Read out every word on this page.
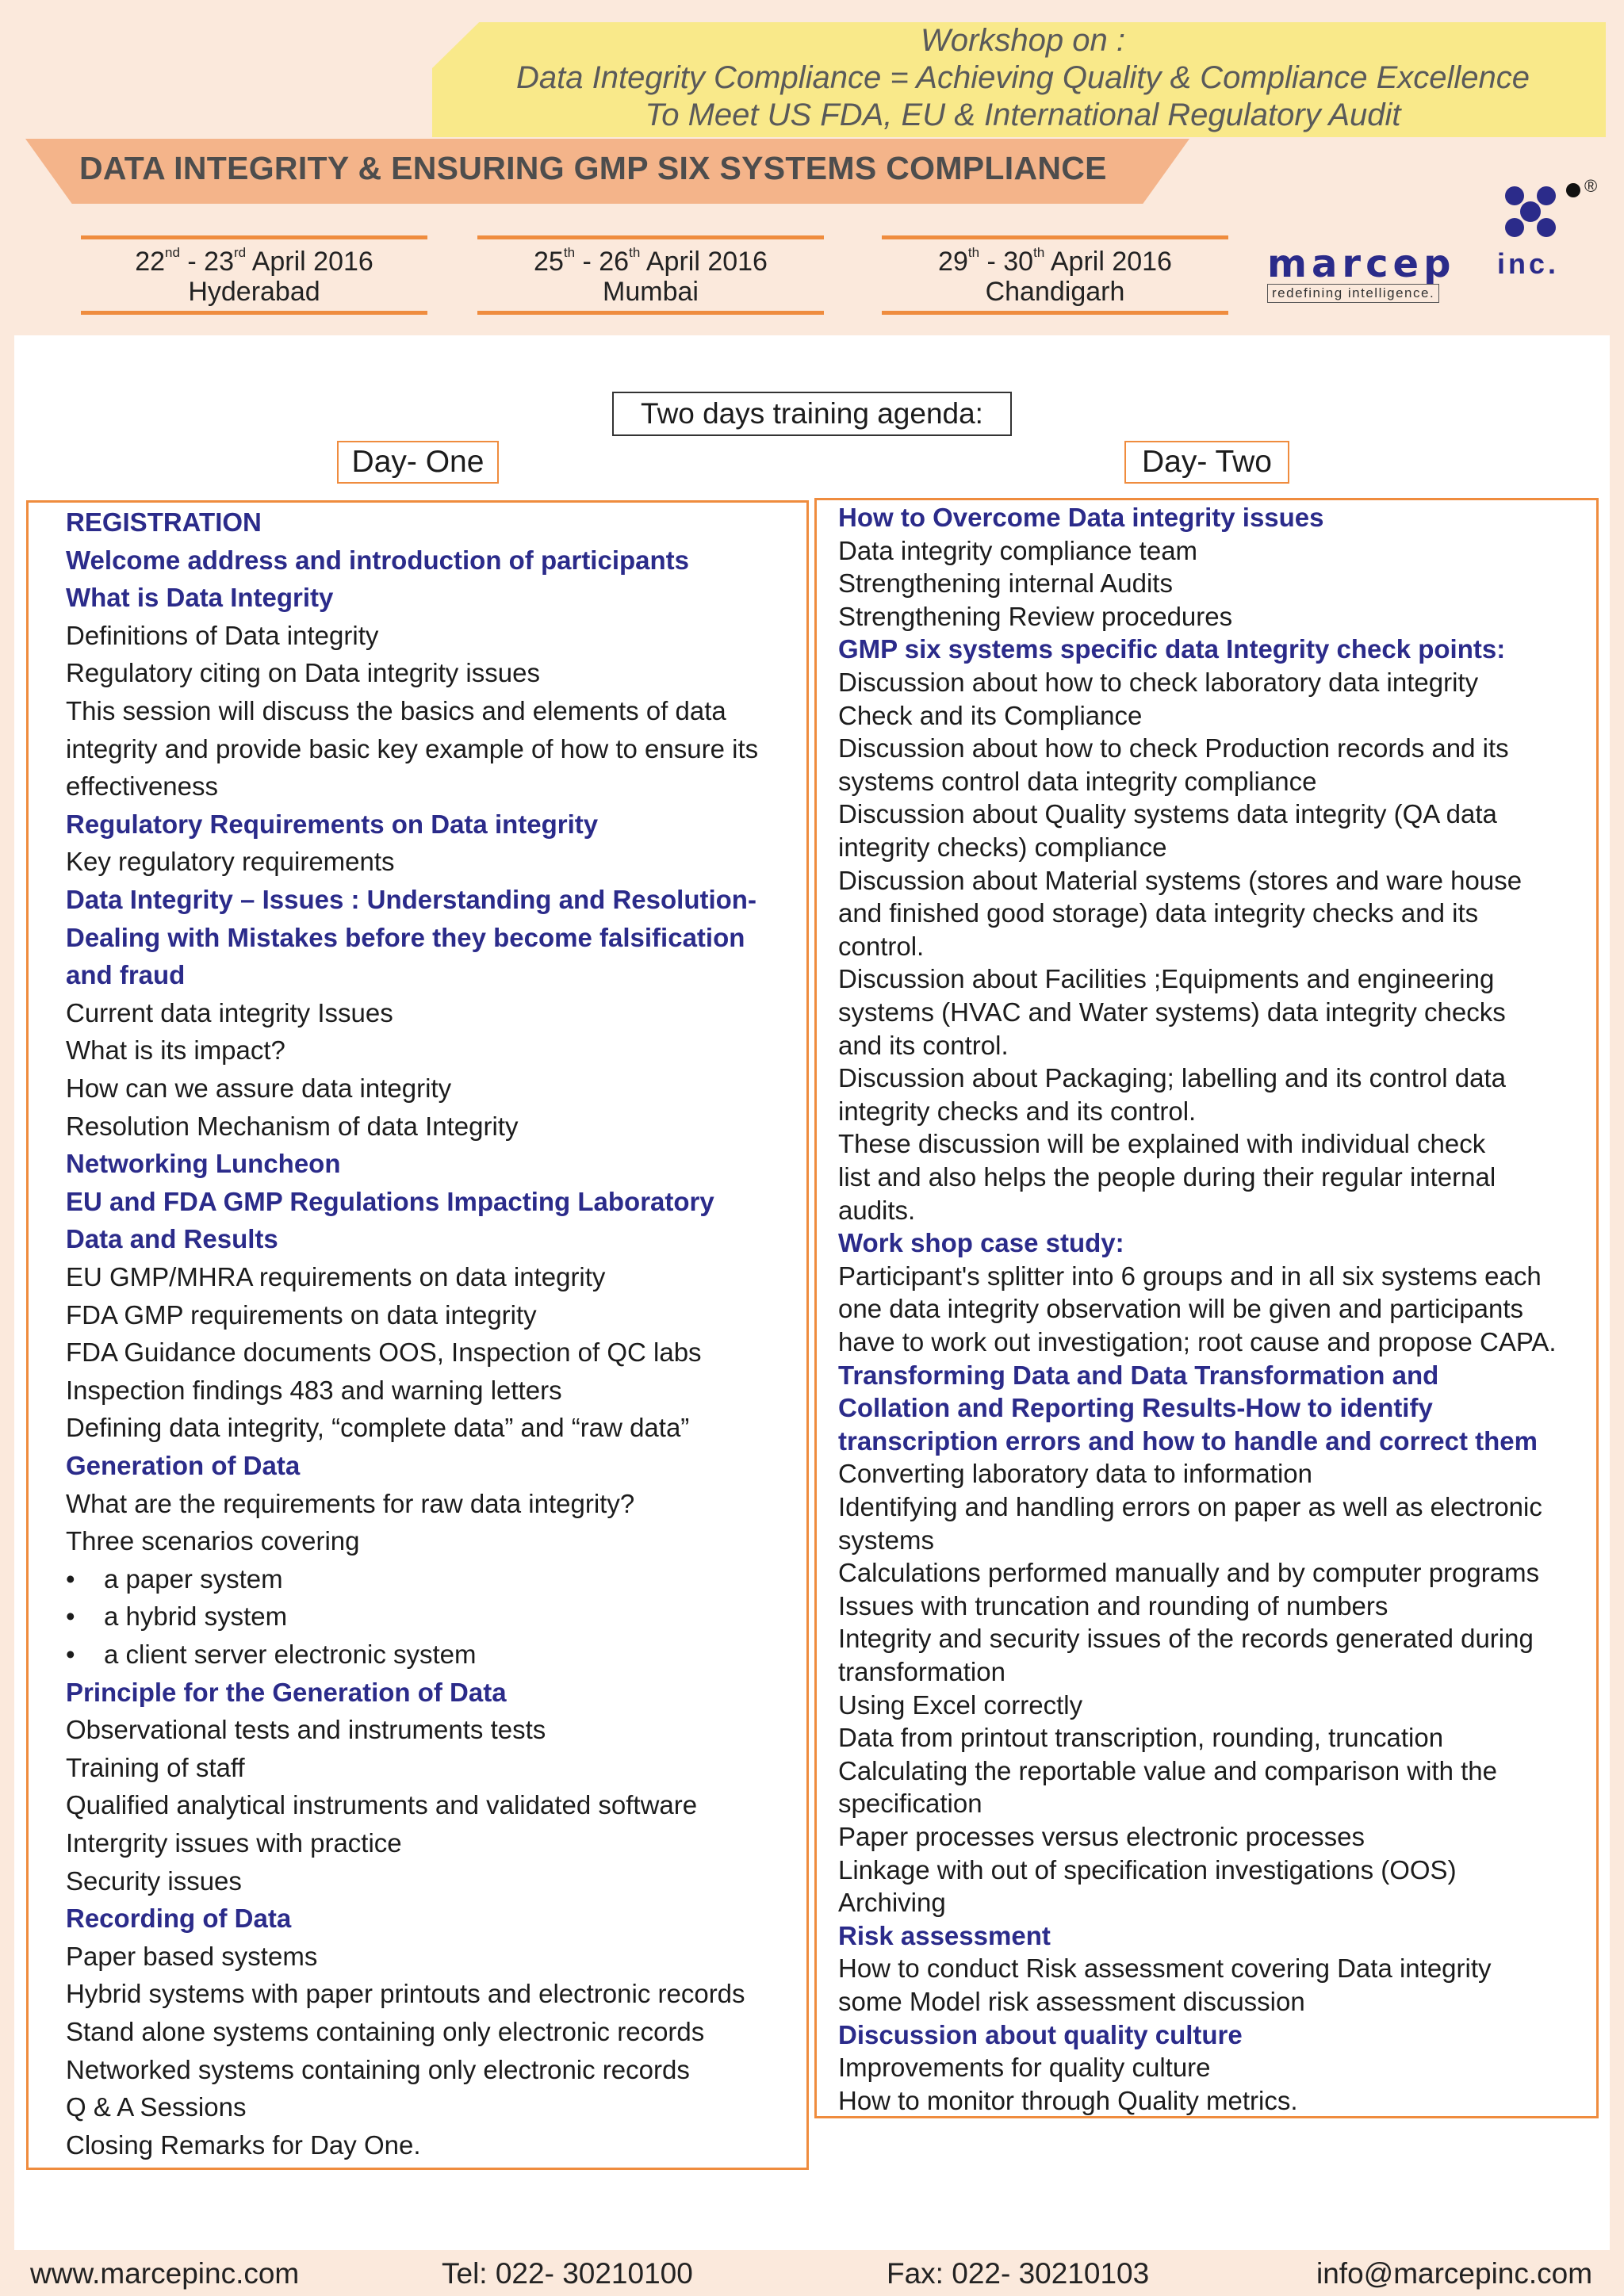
Workshop on :
Data Integrity Compliance = Achieving Quality & Compliance Excellence
To Meet US FDA, EU & International Regulatory Audit
DATA INTEGRITY & ENSURING GMP SIX SYSTEMS COMPLIANCE
22nd - 23rd April 2016
Hyderabad
25th - 26th April 2016
Mumbai
29th - 30th April 2016
Chandigarh
®
marcep inc.
redefining intelligence.
Two days training agenda:
Day- One	Day- Two
REGISTRATION
Welcome address and introduction of participants
What is Data Integrity
Definitions of Data integrity
Regulatory citing on Data integrity issues
This session will discuss the basics and elements of data
integrity and provide basic key example of how to ensure its
effectiveness
Regulatory Requirements on Data integrity
Key regulatory requirements
Data Integrity – Issues : Understanding and Resolution-
Dealing with Mistakes before they become falsification
and fraud
Current data integrity Issues
What is its impact?
How can we assure data integrity
Resolution Mechanism of data Integrity
Networking Luncheon
EU and FDA GMP Regulations Impacting Laboratory
Data and Results
EU GMP/MHRA requirements on data integrity
FDA GMP requirements on data integrity
FDA Guidance documents OOS, Inspection of QC labs
Inspection findings 483 and warning letters
Defining data integrity, “complete data” and “raw data”
Generation of Data
What are the requirements for raw data integrity?
Three scenarios covering
• a paper system
• a hybrid system
• a client server electronic system
Principle for the Generation of Data
Observational tests and instruments tests
Training of staff
Qualified analytical instruments and validated software
Intergrity issues with practice
Security issues
Recording of Data
Paper based systems
Hybrid systems with paper printouts and electronic records
Stand alone systems containing only electronic records
Networked systems containing only electronic records
Q & A Sessions
Closing Remarks for Day One.
How to Overcome Data integrity issues
Data integrity compliance team
Strengthening internal Audits
Strengthening Review procedures
GMP six systems specific data Integrity check points:
Discussion about how to check laboratory data integrity
Check and its Compliance
Discussion about how to check Production records and its
systems control data integrity compliance
Discussion about Quality systems data integrity (QA data
integrity checks) compliance
Discussion about Material systems (stores and ware house
and finished good storage) data integrity checks and its
control.
Discussion about Facilities ;Equipments and engineering
systems (HVAC and Water systems) data integrity checks
and its control.
Discussion about Packaging; labelling and its control data
integrity checks and its control.
These discussion will be explained with individual check
list and also helps the people during their regular internal
audits.
Work shop case study:
Participant's splitter into 6 groups and in all six systems each
one data integrity observation will be given and participants
have to work out investigation; root cause and propose CAPA.
Transforming Data and Data Transformation and
Collation and Reporting Results-How to identify
transcription errors and how to handle and correct them
Converting laboratory data to information
Identifying and handling errors on paper as well as electronic
systems
Calculations performed manually and by computer programs
Issues with truncation and rounding of numbers
Integrity and security issues of the records generated during
transformation
Using Excel correctly
Data from printout transcription, rounding, truncation
Calculating the reportable value and comparison with the
specification
Paper processes versus electronic processes
Linkage with out of specification investigations (OOS)
Archiving
Risk assessment
How to conduct Risk assessment covering Data integrity
some Model risk assessment discussion
Discussion about quality culture
Improvements for quality culture
How to monitor through Quality metrics.
www.marcepinc.com	Tel: 022- 30210100	Fax: 022- 30210103	info@marcepinc.com
